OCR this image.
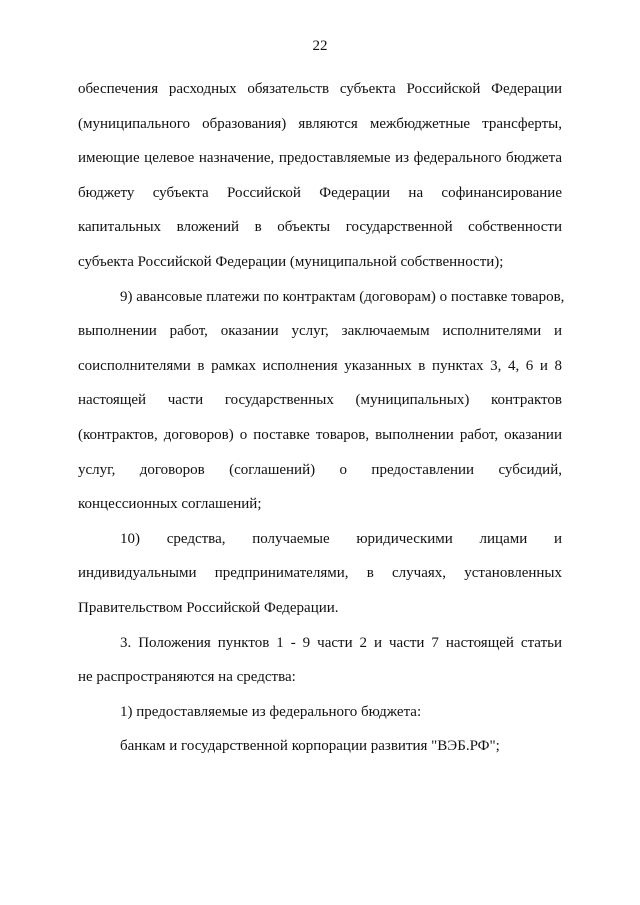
22
обеспечения расходных обязательств субъекта Российской Федерации
(муниципального образования) являются межбюджетные трансферты,
имеющие целевое назначение, предоставляемые из федерального бюджета
бюджету субъекта Российской Федерации на софинансирование
капитальных вложений в объекты государственной собственности
субъекта Российской Федерации (муниципальной собственности);
9) авансовые платежи по контрактам (договорам) о поставке товаров,
выполнении работ, оказании услуг, заключаемым исполнителями и
соисполнителями в рамках исполнения указанных в пунктах 3, 4, 6 и 8
настоящей части государственных (муниципальных) контрактов
(контрактов, договоров) о поставке товаров, выполнении работ, оказании
услуг, договоров (соглашений) о предоставлении субсидий,
концессионных соглашений;
10) средства, получаемые юридическими лицами и
индивидуальными предпринимателями, в случаях, установленных
Правительством Российской Федерации.
3. Положения пунктов 1 - 9 части 2 и части 7 настоящей статьи
не распространяются на средства:
1) предоставляемые из федерального бюджета:
банкам и государственной корпорации развития "ВЭБ.РФ";
